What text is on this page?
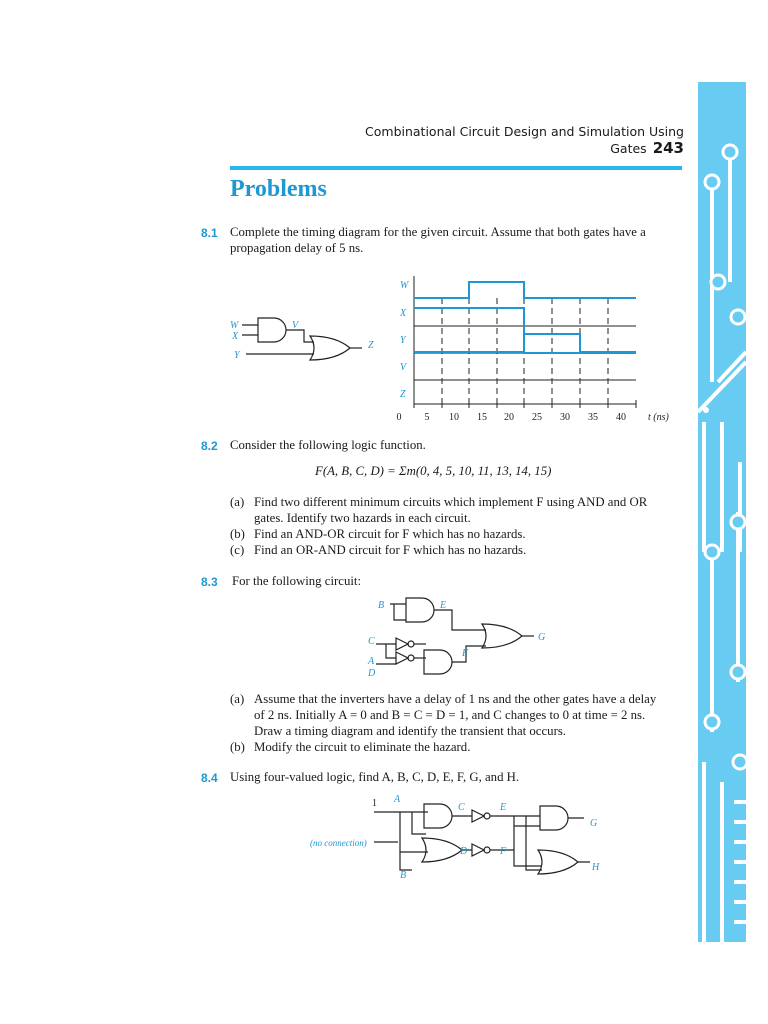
Combinational Circuit Design and Simulation Using Gates 243
Problems
8.1 Complete the timing diagram for the given circuit. Assume that both gates have a
propagation delay of 5 ns.
W
X
Y
V
Z
W
X
Y
V
Z
0 5 10 15 20 25 30 35 40 t (ns)
8.2 Consider the following logic function.
F(A, B, C, D) = Σm(0, 4, 5, 10, 11, 13, 14, 15)
(a) Find two different minimum circuits which implement F using AND and OR
gates. Identify two hazards in each circuit.
(b) Find an AND-OR circuit for F which has no hazards.
(c) Find an OR-AND circuit for F which has no hazards.
8.3 For the following circuit:
B	E
C	G
A
D
F
(a) Assume that the inverters have a delay of 1 ns and the other gates have a delay
of 2 ns. Initially A = 0 and B = C = D = 1, and C changes to 0 at time = 2 ns.
Draw a timing diagram and identify the transient that occurs.
(b) Modify the circuit to eliminate the hazard.
8.4 Using four-valued logic, find A, B, C, D, E, F, G, and H.
1 A
C	E
G
(no connection)
D	F
B
H
